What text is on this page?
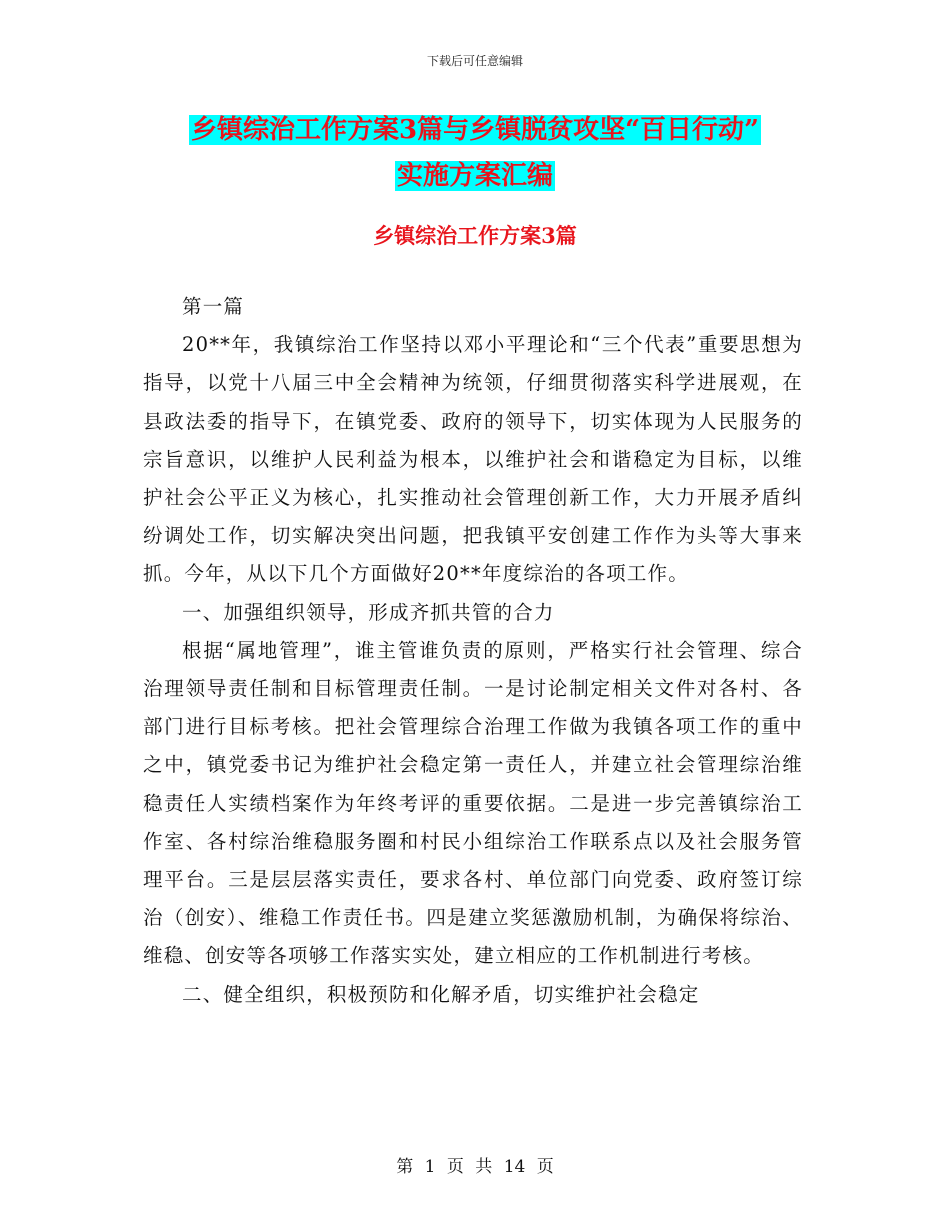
下载后可任意编辑
乡镇综治工作方案3篇与乡镇脱贫攻坚“百日行动”
实施方案汇编
乡镇综治工作方案3篇

第一篇

20**年，我镇综治工作坚持以邓小平理论和“三个代表”重要思想为指导，以党十八届三中全会精神为统领，仔细贯彻落实科学进展观，在县政法委的指导下，在镇党委、政府的领导下，切实体现为人民服务的宗旨意识，以维护人民利益为根本，以维护社会和谐稳定为目标，以维护社会公平正义为核心，扎实推动社会管理创新工作，大力开展矛盾纠纷调处工作，切实解决突出问题，把我镇平安创建工作作为头等大事来抓。今年，从以下几个方面做好20**年度综治的各项工作。

一、加强组织领导，形成齐抓共管的合力

根据“属地管理”，谁主管谁负责的原则，严格实行社会管理、综合治理领导责任制和目标管理责任制。一是讨论制定相关文件对各村、各部门进行目标考核。把社会管理综合治理工作做为我镇各项工作的重中之中，镇党委书记为维护社会稳定第一责任人，并建立社会管理综治维稳责任人实绩档案作为年终考评的重要依据。二是进一步完善镇综治工作室、各村综治维稳服务圈和村民小组综治工作联系点以及社会服务管理平台。三是层层落实责任，要求各村、单位部门向党委、政府签订综治（创安）、维稳工作责任书。四是建立奖惩激励机制，为确保将综治、维稳、创安等各项够工作落实实处，建立相应的工作机制进行考核。

二、健全组织，积极预防和化解矛盾，切实维护社会稳定

第 1 页 共 14 页
